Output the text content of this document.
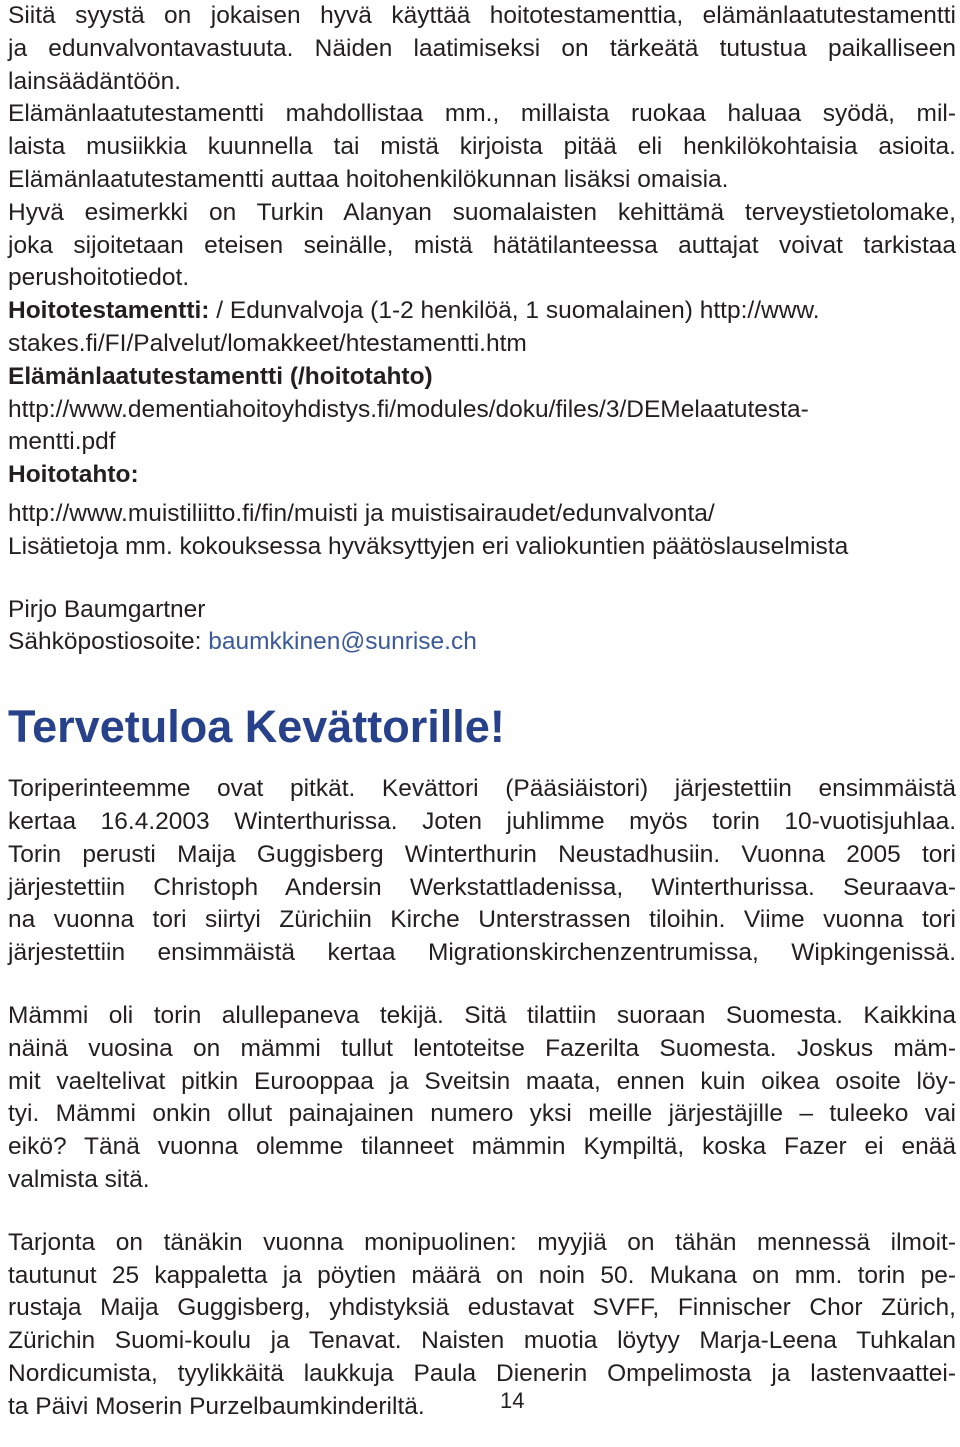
Siitä syystä on jokaisen hyvä käyttää hoitotestamenttia, elämänlaatutestamentti
ja edunvalvontavastuuta. Näiden laatimiseksi on tärkeätä tutustua paikalliseen
lainsäädäntöön.
Elämänlaatutestamentti mahdollistaa mm., millaista ruokaa haluaa syödä, mil-
laista musiikkia kuunnella tai mistä kirjoista pitää eli henkilökohtaisia asioita.
Elämänlaatutestamentti auttaa hoitohenkilökunnan lisäksi omaisia.
Hyvä esimerkki on Turkin Alanyan suomalaisten kehittämä terveystietolomake,
joka sijoitetaan eteisen seinälle, mistä hätätilanteessa auttajat voivat tarkistaa
perushoitotiedot.
Hoitotestamentti: / Edunvalvoja (1-2 henkilöä, 1 suomalainen) http://www.
stakes.fi/FI/Palvelut/lomakkeet/htestamentti.htm
Elämänlaatutestamentti (/hoitotahto)
http://www.dementiahoitoyhdistys.fi/modules/doku/files/3/DEMelaatutesta-
mentti.pdf
Hoitotahto:
http://www.muistiliitto.fi/fin/muisti ja muistisairaudet/edunvalvonta/
Lisätietoja mm. kokouksessa hyväksyttyjen eri valiokuntien päätöslauselmista
Pirjo Baumgartner
Sähköpostiosoite: baumkkinen@sunrise.ch
Tervetuloa Kevättorille!
Toriperinteemme ovat pitkät. Kevättori (Pääsiäistori) järjestettiin ensimmäistä
kertaa 16.4.2003 Winterthurissa. Joten juhlimme myös torin 10-vuotisjuhlaa.
Torin perusti Maija Guggisberg Winterthurin Neustadhusiin. Vuonna 2005 tori
järjestettiin Christoph Andersin Werkstattladenissa, Winterthurissa. Seuraava-
na vuonna tori siirtyi Zürichiin Kirche Unterstrassen tiloihin. Viime vuonna tori
järjestettiin ensimmäistä kertaa Migrationskirchenzentrumissa, Wipkingenissä.
Mämmi oli torin alullepaneva tekijä. Sitä tilattiin suoraan Suomesta. Kaikkina
näinä vuosina on mämmi tullut lentoteitse Fazerilta Suomesta. Joskus mäm-
mit vaeltelivat pitkin Eurooppaa ja Sveitsin maata, ennen kuin oikea osoite löy-
tyi. Mämmi onkin ollut painajainen numero yksi meille järjestäjille – tuleeko vai
eikö? Tänä vuonna olemme tilanneet mämmin Kympiltä, koska Fazer ei enää
valmista sitä.
Tarjonta on tänäkin vuonna monipuolinen: myyjiä on tähän mennessä ilmoit-
tautunut 25 kappaletta ja pöytien määrä on noin 50. Mukana on mm. torin pe-
rustaja Maija Guggisberg, yhdistyksiä edustavat SVFF, Finnischer Chor Zürich,
Zürichin Suomi-koulu ja Tenavat. Naisten muotia löytyy Marja-Leena Tuhkalan
Nordicumista, tyylikkäitä laukkuja Paula Dienerin Ompelimosta ja lastenvaattei-
ta Päivi Moserin Purzelbaumkinderiltä.	14
